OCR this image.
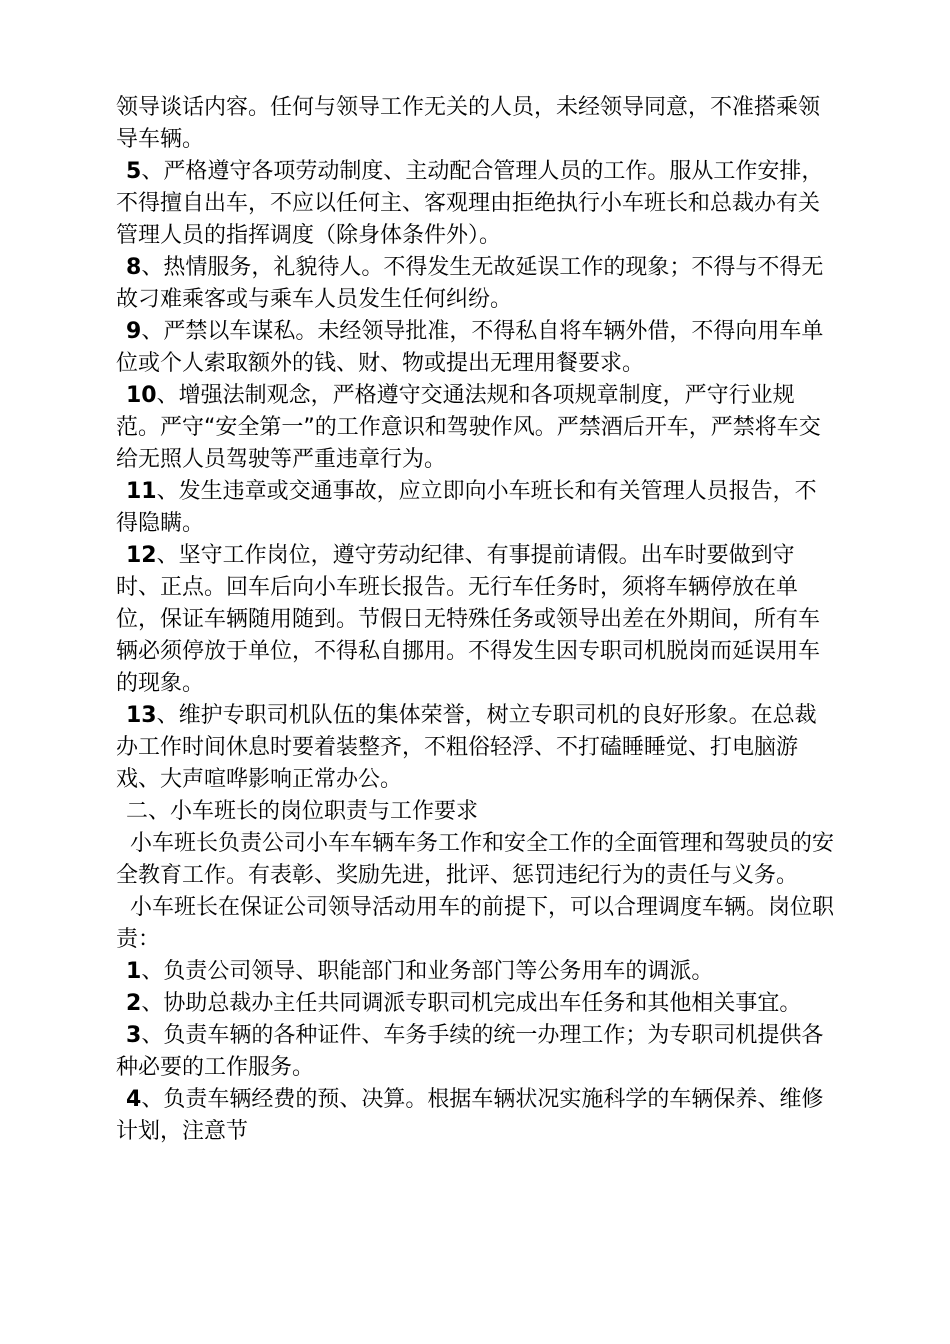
领导谈话内容。任何与领导工作无关的人员，未经领导同意，不准搭乘领导车辆。

5、严格遵守各项劳动制度、主动配合管理人员的工作。服从工作安排，不得擅自出车，不应以任何主、客观理由拒绝执行小车班长和总裁办有关管理人员的指挥调度（除身体条件外）。

8、热情服务，礼貌待人。不得发生无故延误工作的现象；不得与不得无故刁难乘客或与乘车人员发生任何纠纷。

9、严禁以车谋私。未经领导批准，不得私自将车辆外借，不得向用车单位或个人索取额外的钱、财、物或提出无理用餐要求。

10、增强法制观念，严格遵守交通法规和各项规章制度，严守行业规范。严守“安全第一”的工作意识和驾驶作风。严禁酒后开车，严禁将车交给无照人员驾驶等严重违章行为。

11、发生违章或交通事故，应立即向小车班长和有关管理人员报告，不得隐瞒。

12、坚守工作岗位，遵守劳动纪律、有事提前请假。出车时要做到守时、正点。回车后向小车班长报告。无行车任务时，须将车辆停放在单位，保证车辆随用随到。节假日无特殊任务或领导出差在外期间，所有车辆必须停放于单位，不得私自挪用。不得发生因专职司机脱岗而延误用车的现象。

13、维护专职司机队伍的集体荣誉，树立专职司机的良好形象。在总裁办工作时间休息时要着装整齐，不粗俗轻浮、不打磕睡睡觉、打电脑游戏、大声喧哗影响正常办公。

二、小车班长的岗位职责与工作要求

小车班长负责公司小车车辆车务工作和安全工作的全面管理和驾驶员的安全教育工作。有表彰、奖励先进，批评、惩罚违纪行为的责任与义务。

小车班长在保证公司领导活动用车的前提下，可以合理调度车辆。岗位职责：

1、负责公司领导、职能部门和业务部门等公务用车的调派。

2、协助总裁办主任共同调派专职司机完成出车任务和其他相关事宜。

3、负责车辆的各种证件、车务手续的统一办理工作；为专职司机提供各种必要的工作服务。

4、负责车辆经费的预、决算。根据车辆状况实施科学的车辆保养、维修计划，注意节
